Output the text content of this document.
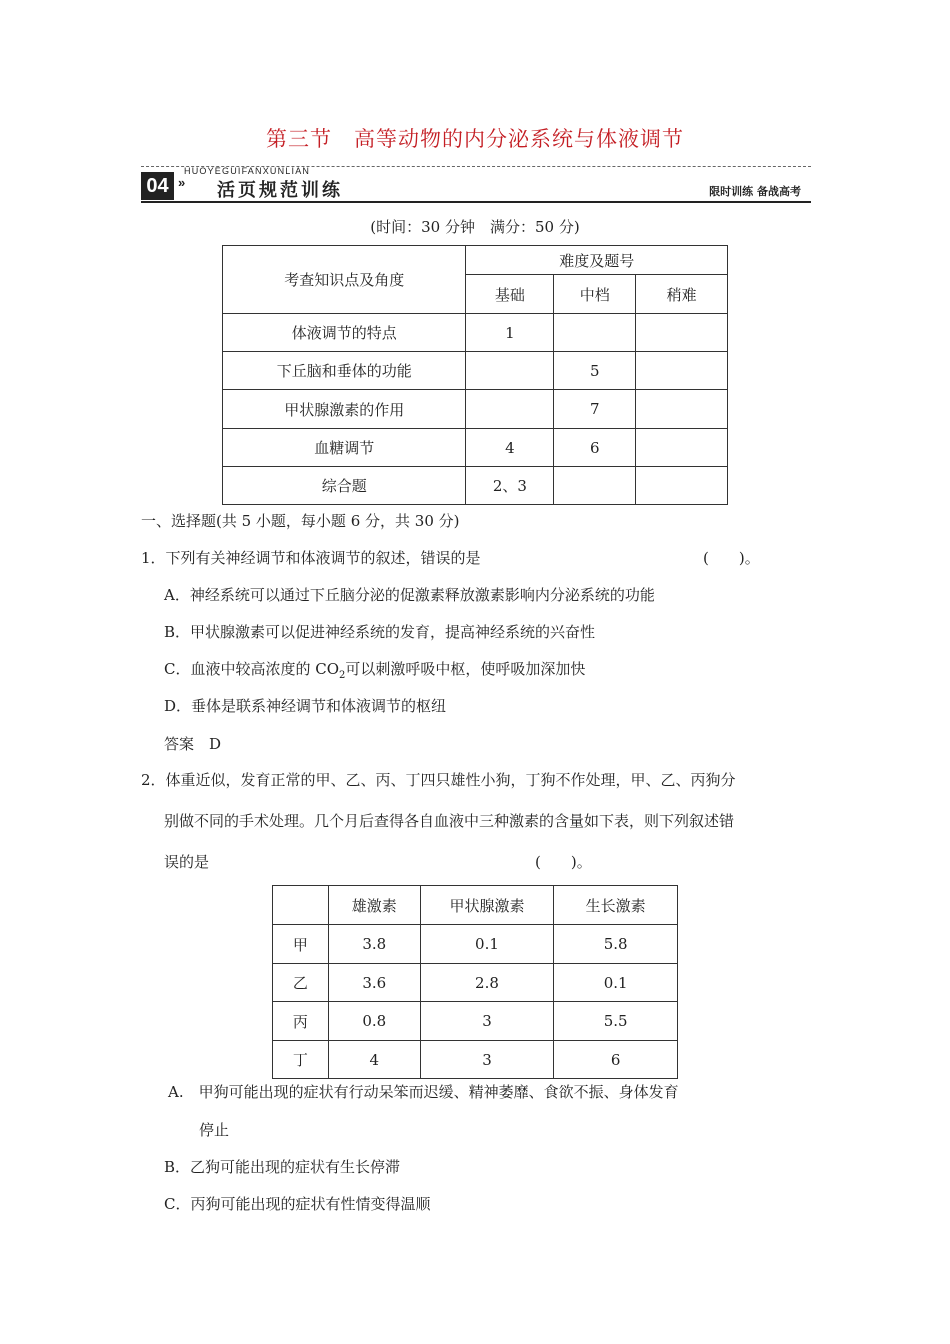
第三节　高等动物的内分泌系统与体液调节
HUOYEGUIFANXUNLIAN
04 » 活页规范训练	限时训练 备战高考
(时间：30 分钟　满分：50 分)
考查知识点及角度	难度及题号		
	基础	中档	稍难
体液调节的特点	1		
下丘脑和垂体的功能		5	
甲状腺激素的作用		7	
血糖调节	4	6	
综合题	2、3		
一、选择题(共 5 小题，每小题 6 分，共 30 分)
1．下列有关神经调节和体液调节的叙述，错误的是	(　　)。
A．神经系统可以通过下丘脑分泌的促激素释放激素影响内分泌系统的功能
B．甲状腺激素可以促进神经系统的发育，提高神经系统的兴奋性
C．血液中较高浓度的 $CO_2$可以刺激呼吸中枢，使呼吸加深加快
D．垂体是联系神经调节和体液调节的枢纽
答案　D
2．体重近似，发育正常的甲、乙、丙、丁四只雄性小狗，丁狗不作处理，甲、乙、丙狗分
别做不同的手术处理。几个月后查得各自血液中三种激素的含量如下表，则下列叙述错
误的是	(　　)。
	雄激素	甲状腺激素	生长激素
甲	3.8	0.1	5.8
乙	3.6	2.8	0.1
丙	0.8	3	5.5
丁	4	3	6
A.　甲狗可能出现的症状有行动呆笨而迟缓、精神萎靡、食欲不振、身体发育
停止
B．乙狗可能出现的症状有生长停滞
C．丙狗可能出现的症状有性情变得温顺
